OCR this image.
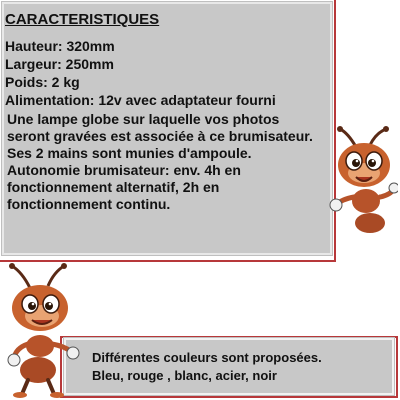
CARACTERISTIQUES
Hauteur: 320mm
Largeur: 250mm
Poids: 2 kg
Alimentation: 12v avec adaptateur fourni

Une lampe globe sur laquelle vos photos seront gravées est associée à ce brumisateur. Ses 2 mains sont munies d'ampoule.

Autonomie brumisateur: env. 4h en fonctionnement alternatif, 2h en fonctionnement continu.

Différentes couleurs sont proposées.

Bleu, rouge , blanc, acier, noir
